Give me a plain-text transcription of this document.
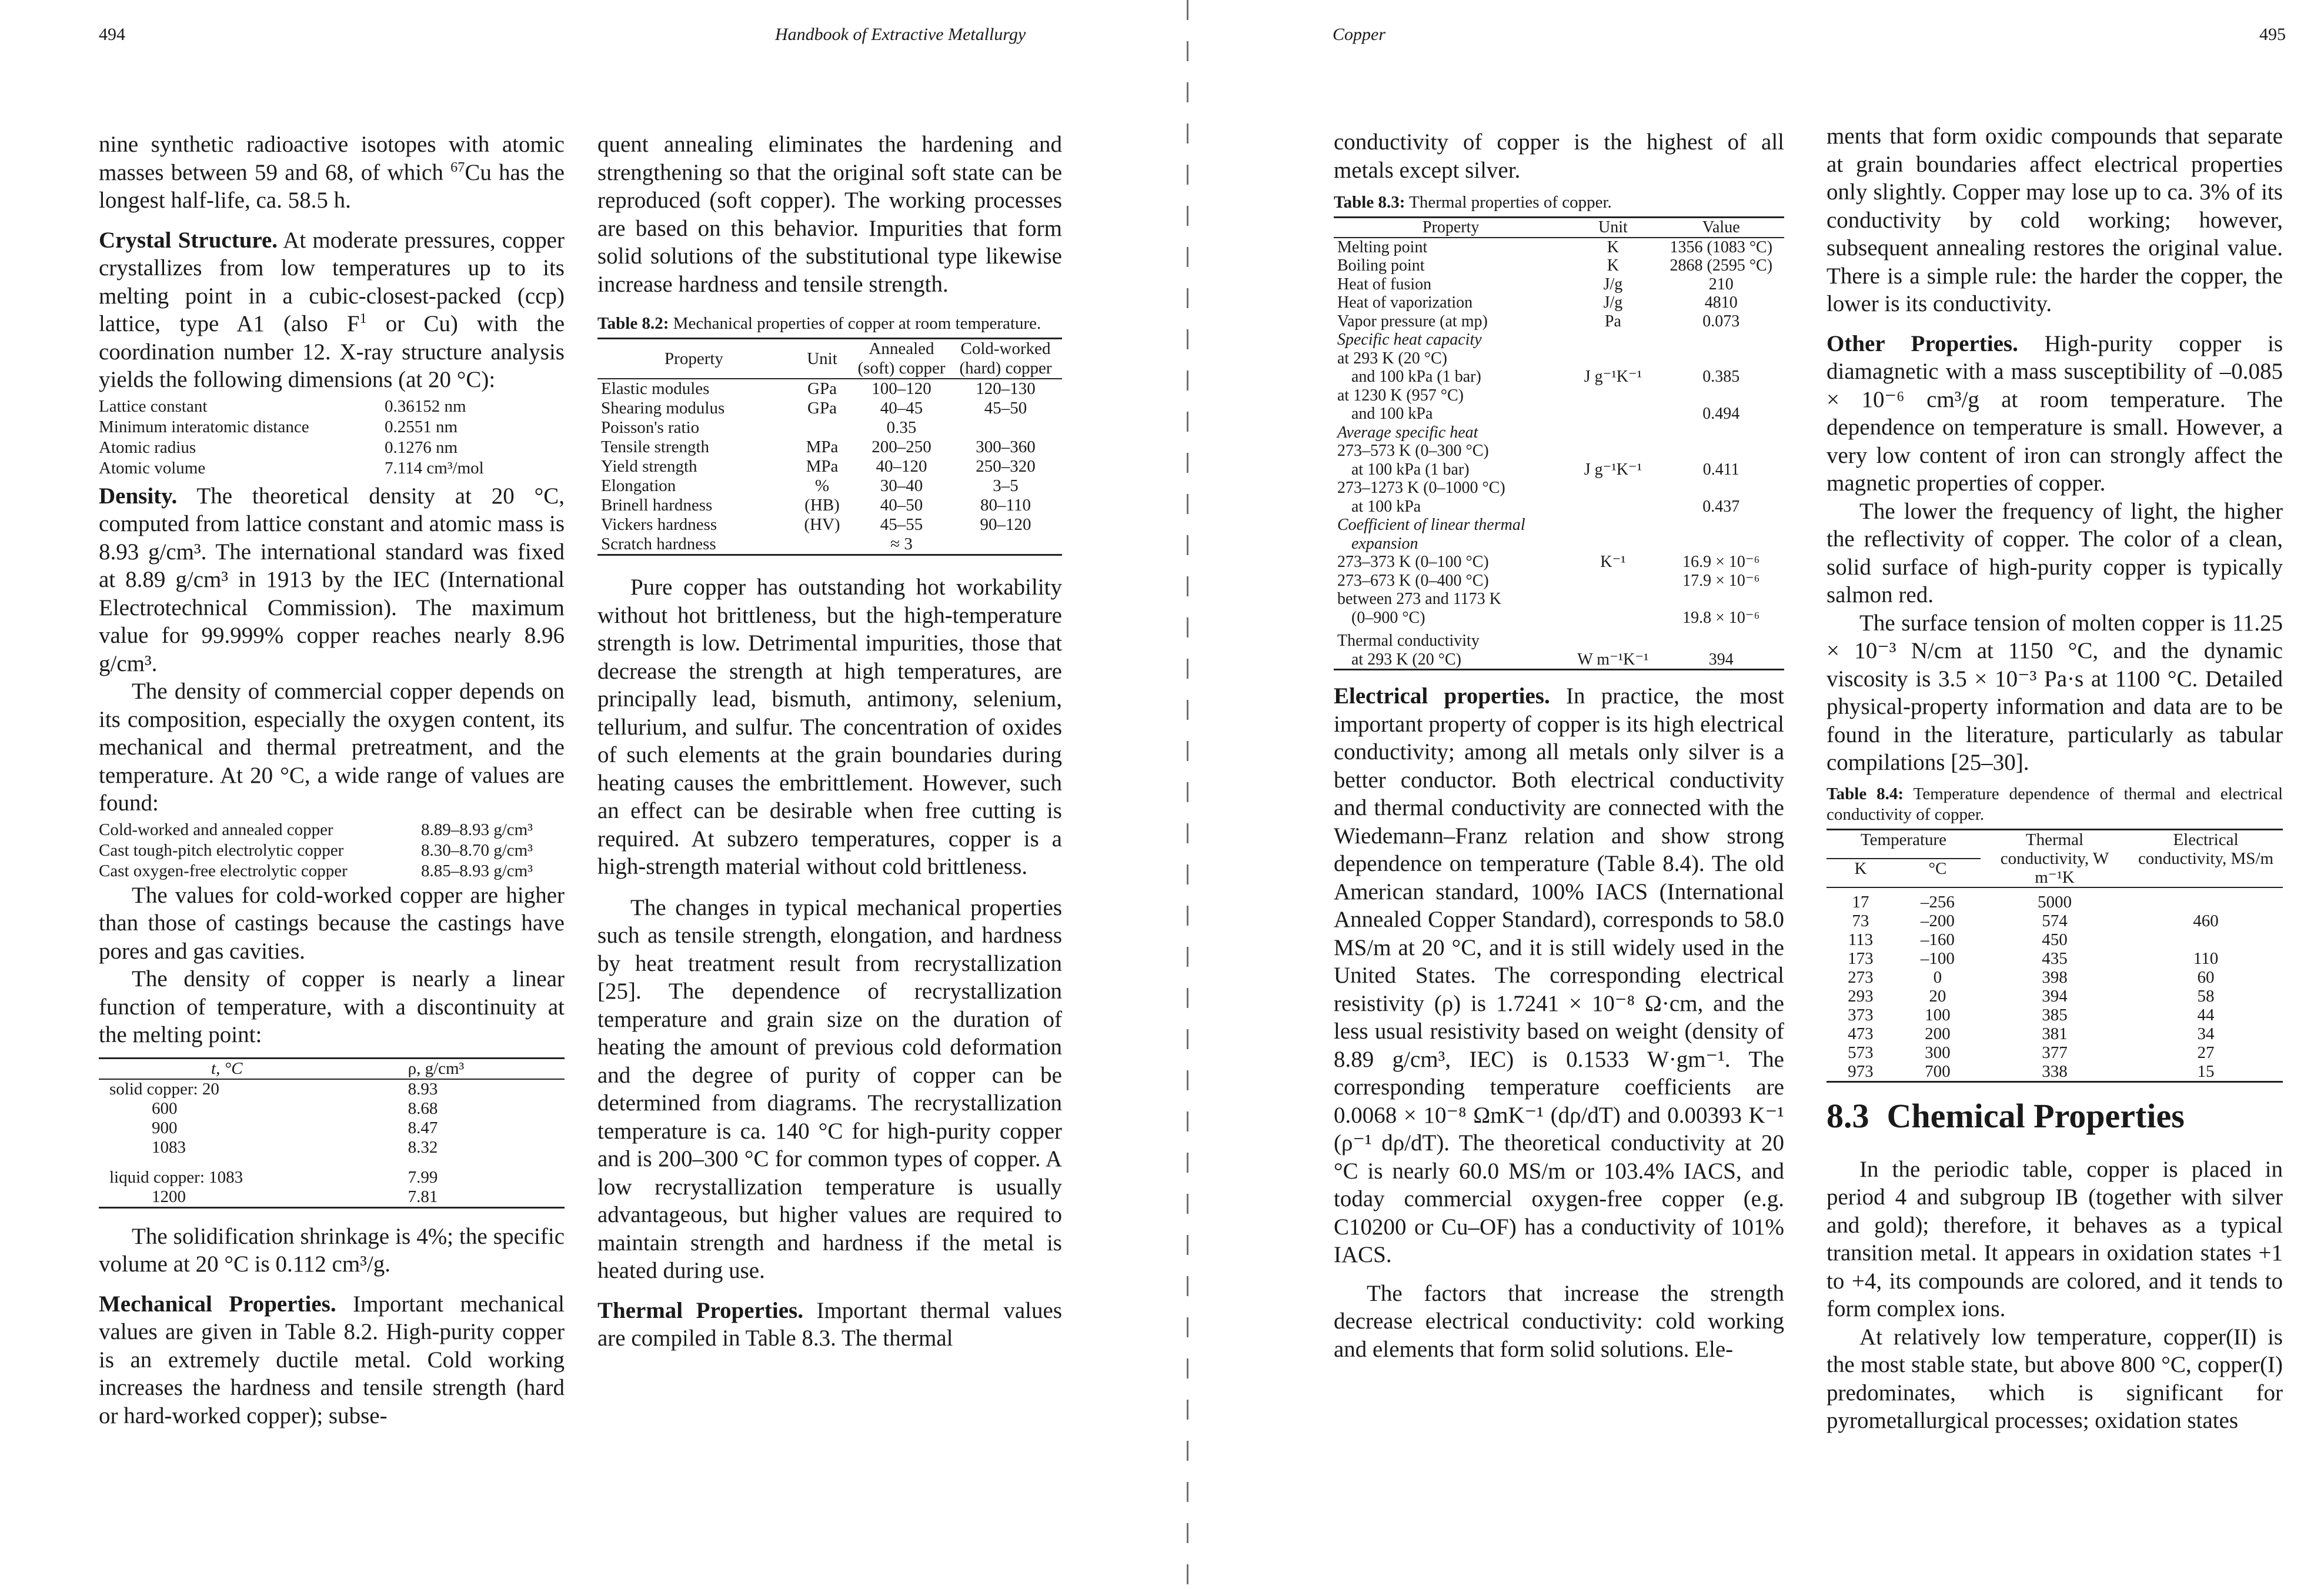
494	Handbook of Extractive Metallurgy

nine synthetic radioactive isotopes with atomic masses between 59 and 68, of which $^{67}$Cu has the longest half-life, ca. 58.5 h.

Crystal Structure. At moderate pressures, copper crystallizes from low temperatures up to its melting point in a cubic-closest-packed (ccp) lattice, type A1 (also $F^1$ or Cu) with the coordination number 12. X-ray structure analysis yields the following dimensions (at 20 °C):

Lattice constant	0.36152 nm
Minimum interatomic distance	0.2551 nm
Atomic radius	0.1276 nm
Atomic volume	7.114 cm³/mol

Density. The theoretical density at 20 °C, computed from lattice constant and atomic mass is 8.93 g/cm³. The international standard was fixed at 8.89 g/cm³ in 1913 by the IEC (International Electrotechnical Commission). The maximum value for 99.999% copper reaches nearly 8.96 g/cm³.

The density of commercial copper depends on its composition, especially the oxygen content, its mechanical and thermal pretreatment, and the temperature. At 20 °C, a wide range of values are found:

Cold-worked and annealed copper	8.89–8.93 g/cm³
Cast tough-pitch electrolytic copper	8.30–8.70 g/cm³
Cast oxygen-free electrolytic copper	8.85–8.93 g/cm³

The values for cold-worked copper are higher than those of castings because the castings have pores and gas cavities.

The density of copper is nearly a linear function of temperature, with a discontinuity at the melting point:

t, °C	ρ, g/cm³
solid copper: 20	8.93
600	8.68
900	8.47
1083	8.32
liquid copper: 1083	7.99
1200	7.81

The solidification shrinkage is 4%; the specific volume at 20 °C is 0.112 cm³/g.

Mechanical Properties. Important mechanical values are given in Table 8.2. High-purity copper is an extremely ductile metal. Cold working increases the hardness and tensile strength (hard or hard-worked copper); subse-

quent annealing eliminates the hardening and strengthening so that the original soft state can be reproduced (soft copper). The working processes are based on this behavior. Impurities that form solid solutions of the substitutional type likewise increase hardness and tensile strength.

Table 8.2: Mechanical properties of copper at room temperature.
Property	Unit	Annealed (soft) copper	Cold-worked (hard) copper
Elastic modules	GPa	100–120	120–130
Shearing modulus	GPa	40–45	45–50
Poisson's ratio		0.35	
Tensile strength	MPa	200–250	300–360
Yield strength	MPa	40–120	250–320
Elongation	%	30–40	3–5
Brinell hardness	(HB)	40–50	80–110
Vickers hardness	(HV)	45–55	90–120
Scratch hardness		≈ 3	

Pure copper has outstanding hot workability without hot brittleness, but the high-temperature strength is low. Detrimental impurities, those that decrease the strength at high temperatures, are principally lead, bismuth, antimony, selenium, tellurium, and sulfur. The concentration of oxides of such elements at the grain boundaries during heating causes the embrittlement. However, such an effect can be desirable when free cutting is required. At subzero temperatures, copper is a high-strength material without cold brittleness.

The changes in typical mechanical properties such as tensile strength, elongation, and hardness by heat treatment result from recrystallization [25]. The dependence of recrystallization temperature and grain size on the duration of heating the amount of previous cold deformation and the degree of purity of copper can be determined from diagrams. The recrystallization temperature is ca. 140 °C for high-purity copper and is 200–300 °C for common types of copper. A low recrystallization temperature is usually advantageous, but higher values are required to maintain strength and hardness if the metal is heated during use.

Thermal Properties. Important thermal values are compiled in Table 8.3. The thermal

Copper	495

conductivity of copper is the highest of all metals except silver.

Table 8.3: Thermal properties of copper.
Property	Unit	Value
Melting point	K	1356 (1083 °C)
Boiling point	K	2868 (2595 °C)
Heat of fusion	J/g	210
Heat of vaporization	J/g	4810
Vapor pressure (at mp)	Pa	0.073
Specific heat capacity		
at 293 K (20 °C)		
and 100 kPa (1 bar)	J g⁻¹K⁻¹	0.385
at 1230 K (957 °C)		
and 100 kPa		0.494
Average specific heat		
273–573 K (0–300 °C)		
at 100 kPa (1 bar)	J g⁻¹K⁻¹	0.411
273–1273 K (0–1000 °C)		
at 100 kPa		0.437
Coefficient of linear thermal		
expansion		
273–373 K (0–100 °C)	K⁻¹	16.9 × 10⁻⁶
273–673 K (0–400 °C)		17.9 × 10⁻⁶
between 273 and 1173 K		
(0–900 °C)		19.8 × 10⁻⁶
Thermal conductivity		
at 293 K (20 °C)	W m⁻¹K⁻¹	394

Electrical properties. In practice, the most important property of copper is its high electrical conductivity; among all metals only silver is a better conductor. Both electrical conductivity and thermal conductivity are connected with the Wiedemann–Franz relation and show strong dependence on temperature (Table 8.4). The old American standard, 100% IACS (International Annealed Copper Standard), corresponds to 58.0 MS/m at 20 °C, and it is still widely used in the United States. The corresponding electrical resistivity (ρ) is 1.7241 × 10⁻⁸ Ω·cm, and the less usual resistivity based on weight (density of 8.89 g/cm³, IEC) is 0.1533 W·gm⁻¹. The corresponding temperature coefficients are 0.0068 × 10⁻⁸ ΩmK⁻¹ (dρ/dT) and 0.00393 K⁻¹ (ρ⁻¹ dρ/dT). The theoretical conductivity at 20 °C is nearly 60.0 MS/m or 103.4% IACS, and today commercial oxygen-free copper (e.g. C10200 or Cu–OF) has a conductivity of 101% IACS.

The factors that increase the strength decrease electrical conductivity: cold working and elements that form solid solutions. Ele-

ments that form oxidic compounds that separate at grain boundaries affect electrical properties only slightly. Copper may lose up to ca. 3% of its conductivity by cold working; however, subsequent annealing restores the original value. There is a simple rule: the harder the copper, the lower is its conductivity.

Other Properties. High-purity copper is diamagnetic with a mass susceptibility of –0.085 × 10⁻⁶ cm³/g at room temperature. The dependence on temperature is small. However, a very low content of iron can strongly affect the magnetic properties of copper.

The lower the frequency of light, the higher the reflectivity of copper. The color of a clean, solid surface of high-purity copper is typically salmon red.

The surface tension of molten copper is 11.25 × 10⁻³ N/cm at 1150 °C, and the dynamic viscosity is 3.5 × 10⁻³ Pa·s at 1100 °C. Detailed physical-property information and data are to be found in the literature, particularly as tabular compilations [25–30].

Table 8.4: Temperature dependence of thermal and electrical conductivity of copper.
Temperature		Thermal conductivity, W m⁻¹K	Electrical conductivity, MS/m
K	°C		
17	–256	5000	
73	–200	574	460
113	–160	450	
173	–100	435	110
273	0	398	60
293	20	394	58
373	100	385	44
473	200	381	34
573	300	377	27
973	700	338	15
8.3 Chemical Properties

In the periodic table, copper is placed in period 4 and subgroup IB (together with silver and gold); therefore, it behaves as a typical transition metal. It appears in oxidation states +1 to +4, its compounds are colored, and it tends to form complex ions.

At relatively low temperature, copper(II) is the most stable state, but above 800 °C, copper(I) predominates, which is significant for pyrometallurgical processes; oxidation states
